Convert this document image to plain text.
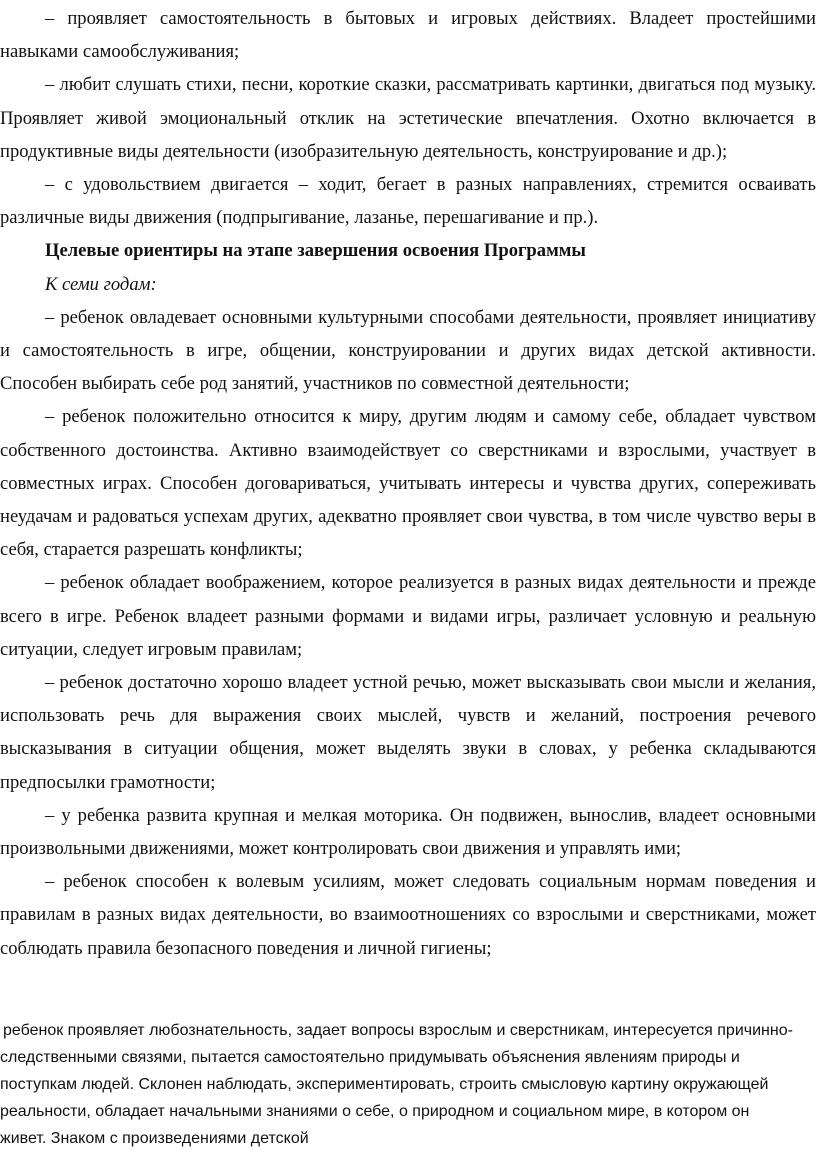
– проявляет самостоятельность в бытовых и игровых действиях. Владеет простейшими навыками самообслуживания;

– любит слушать стихи, песни, короткие сказки, рассматривать картинки, двигаться под музыку. Проявляет живой эмоциональный отклик на эстетические впечатления. Охотно включается в продуктивные виды деятельности (изобразительную деятельность, конструирование и др.);

– с удовольствием двигается – ходит, бегает в разных направлениях, стремится осваивать различные виды движения (подпрыгивание, лазанье, перешагивание и пр.).

Целевые ориентиры на этапе завершения освоения Программы

К семи годам:

– ребенок овладевает основными культурными способами деятельности, проявляет инициативу и самостоятельность в игре, общении, конструировании и других видах детской активности. Способен выбирать себе род занятий, участников по совместной деятельности;

– ребенок положительно относится к миру, другим людям и самому себе, обладает чувством собственного достоинства. Активно взаимодействует со сверстниками и взрослыми, участвует в совместных играх. Способен договариваться, учитывать интересы и чувства других, сопереживать неудачам и радоваться успехам других, адекватно проявляет свои чувства, в том числе чувство веры в себя, старается разрешать конфликты;

– ребенок обладает воображением, которое реализуется в разных видах деятельности и прежде всего в игре. Ребенок владеет разными формами и видами игры, различает условную и реальную ситуации, следует игровым правилам;

– ребенок достаточно хорошо владеет устной речью, может высказывать свои мысли и желания, использовать речь для выражения своих мыслей, чувств и желаний, построения речевого высказывания в ситуации общения, может выделять звуки в словах, у ребенка складываются предпосылки грамотности;

– у ребенка развита крупная и мелкая моторика. Он подвижен, вынослив, владеет основными произвольными движениями, может контролировать свои движения и управлять ими;

– ребенок способен к волевым усилиям, может следовать социальным нормам поведения и правилам в разных видах деятельности, во взаимоотношениях со взрослыми и сверстниками, может соблюдать правила безопасного поведения и личной гигиены;

ребенок проявляет любознательность, задает вопросы взрослым и сверстникам, интересуется причинно-следственными связями, пытается самостоятельно придумывать объяснения явлениям природы и поступкам людей. Склонен наблюдать, экспериментировать, строить смысловую картину окружающей реальности, обладает начальными знаниями о себе, о природном и социальном мире, в котором он живет. Знаком с произведениями детской
